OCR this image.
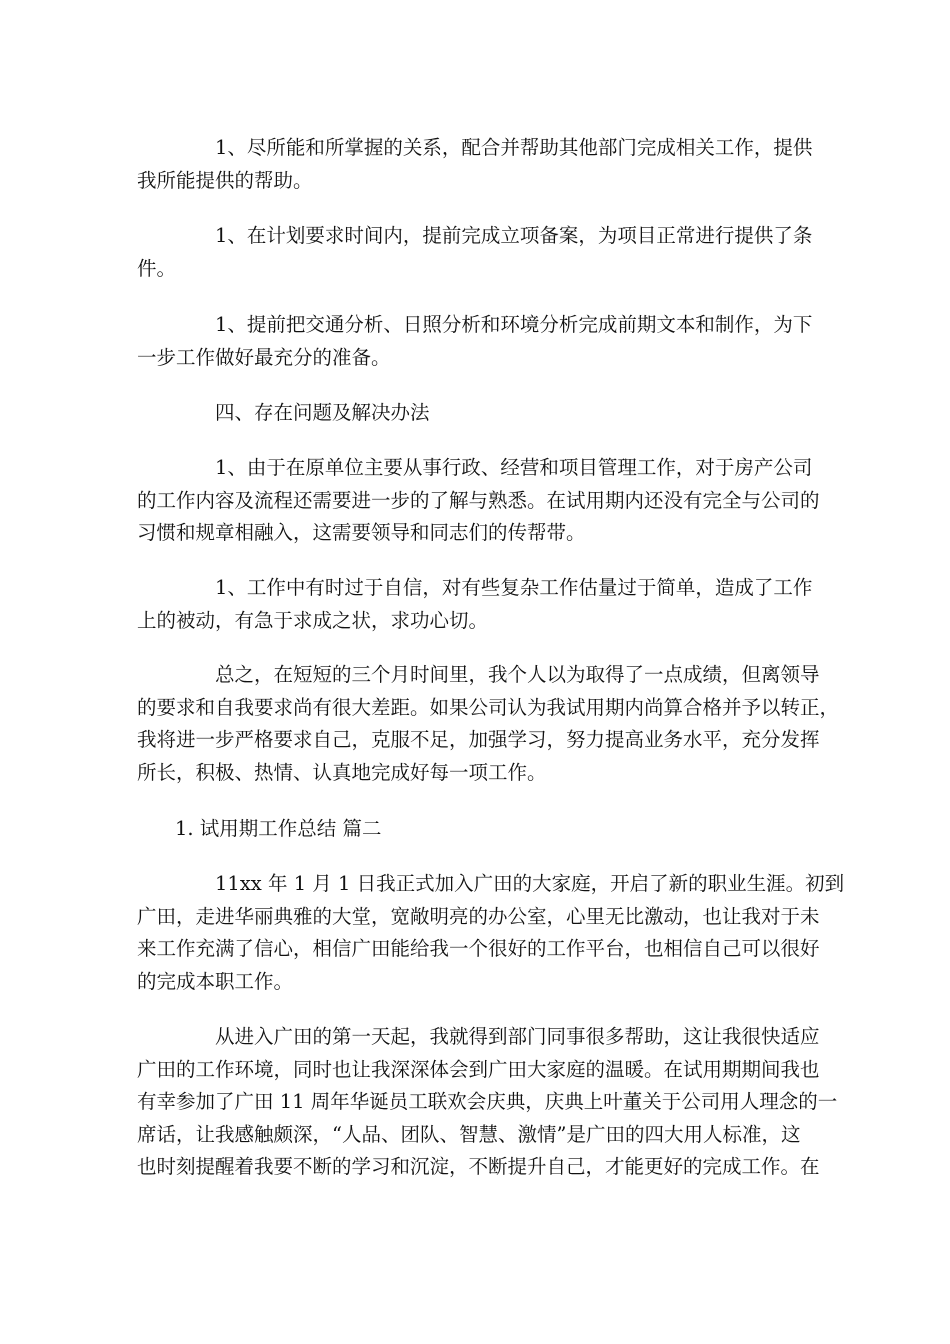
1、尽所能和所掌握的关系，配合并帮助其他部门完成相关工作，提供
我所能提供的帮助。
1、在计划要求时间内，提前完成立项备案，为项目正常进行提供了条
件。
1、提前把交通分析、日照分析和环境分析完成前期文本和制作，为下
一步工作做好最充分的准备。
四、存在问题及解决办法
1、由于在原单位主要从事行政、经营和项目管理工作，对于房产公司
的工作内容及流程还需要进一步的了解与熟悉。在试用期内还没有完全与公司的
习惯和规章相融入，这需要领导和同志们的传帮带。
1、工作中有时过于自信，对有些复杂工作估量过于简单，造成了工作
上的被动，有急于求成之状，求功心切。
总之，在短短的三个月时间里，我个人以为取得了一点成绩，但离领导
的要求和自我要求尚有很大差距。如果公司认为我试用期内尚算合格并予以转正，
我将进一步严格要求自己，克服不足，加强学习，努力提高业务水平，充分发挥
所长，积极、热情、认真地完成好每一项工作。
1. 试用期工作总结 篇二
11xx 年 1 月 1 日我正式加入广田的大家庭，开启了新的职业生涯。初到
广田，走进华丽典雅的大堂，宽敞明亮的办公室，心里无比激动，也让我对于未
来工作充满了信心，相信广田能给我一个很好的工作平台，也相信自己可以很好
的完成本职工作。
从进入广田的第一天起，我就得到部门同事很多帮助，这让我很快适应
广田的工作环境，同时也让我深深体会到广田大家庭的温暖。在试用期期间我也
有幸参加了广田 11 周年华诞员工联欢会庆典，庆典上叶董关于公司用人理念的一
席话，让我感触颇深，“人品、团队、智慧、激情”是广田的四大用人标准，这
也时刻提醒着我要不断的学习和沉淀，不断提升自己，才能更好的完成工作。在
